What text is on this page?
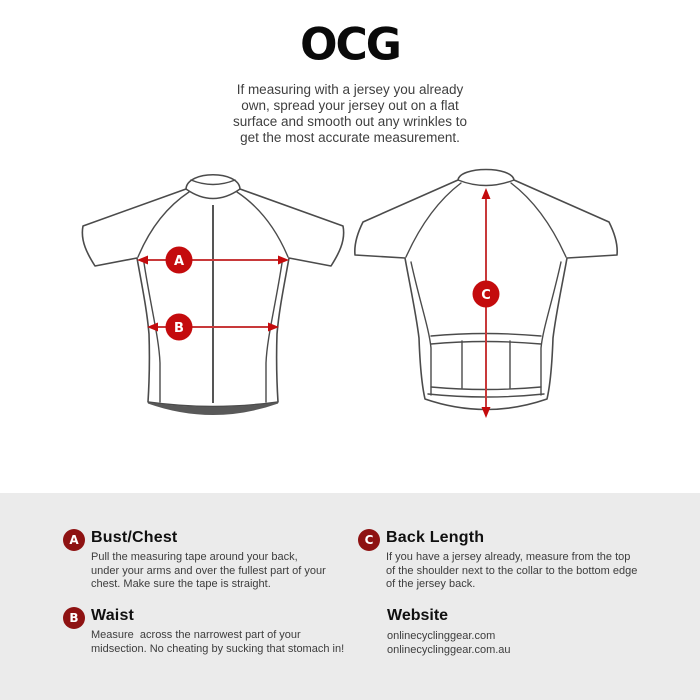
OCG
If measuring with a jersey you already
own, spread your jersey out on a flat
surface and smooth out any wrinkles to
get the most accurate measurement.
A
B
C
A Bust/Chest
Pull the measuring tape around your back,
under your arms and over the fullest part of your
chest. Make sure the tape is straight.
B Waist
Measure  across the narrowest part of your
midsection. No cheating by sucking that stomach in!
C Back Length
If you have a jersey already, measure from the top
of the shoulder next to the collar to the bottom edge
of the jersey back.
Website
onlinecyclinggear.com
onlinecyclinggear.com.au
